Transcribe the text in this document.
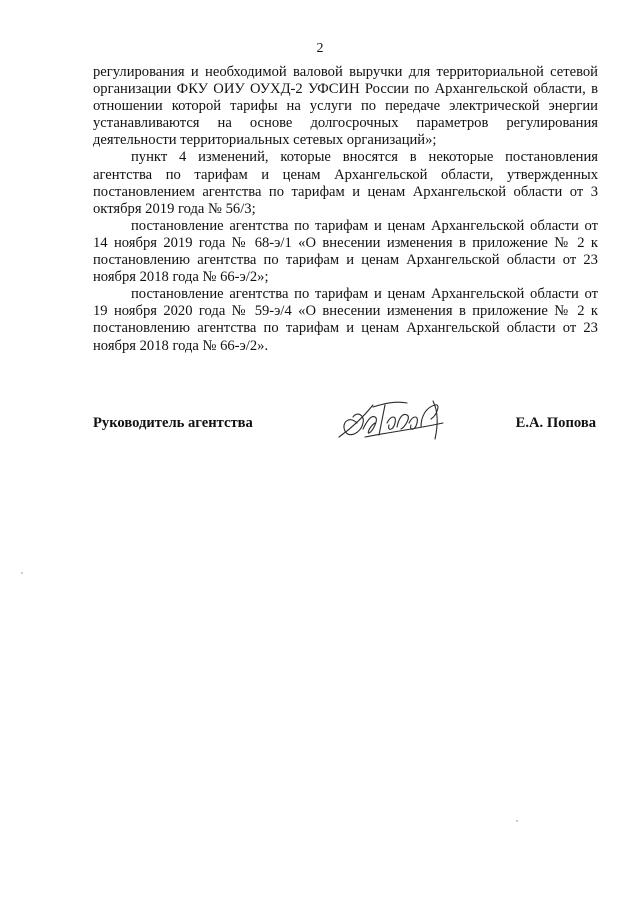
2
регулирования и необходимой валовой выручки для территориальной сетевой организации ФКУ ОИУ ОУХД-2 УФСИН России по Архангельской области, в отношении которой тарифы на услуги по передаче электрической энергии устанавливаются на основе долгосрочных параметров регулирования деятельности территориальных сетевых организаций»;
пункт 4 изменений, которые вносятся в некоторые постановления агентства по тарифам и ценам Архангельской области, утвержденных постановлением агентства по тарифам и ценам Архангельской области от 3 октября 2019 года № 56/3;
постановление агентства по тарифам и ценам Архангельской области от 14 ноября 2019 года № 68-э/1 «О внесении изменения в приложение № 2 к постановлению агентства по тарифам и ценам Архангельской области от 23 ноября 2018 года № 66-э/2»;
постановление агентства по тарифам и ценам Архангельской области от 19 ноября 2020 года № 59-э/4 «О внесении изменения в приложение № 2 к постановлению агентства по тарифам и ценам Архангельской области от 23 ноября 2018 года № 66-э/2».
Руководитель агентства	Е.А. Попова
